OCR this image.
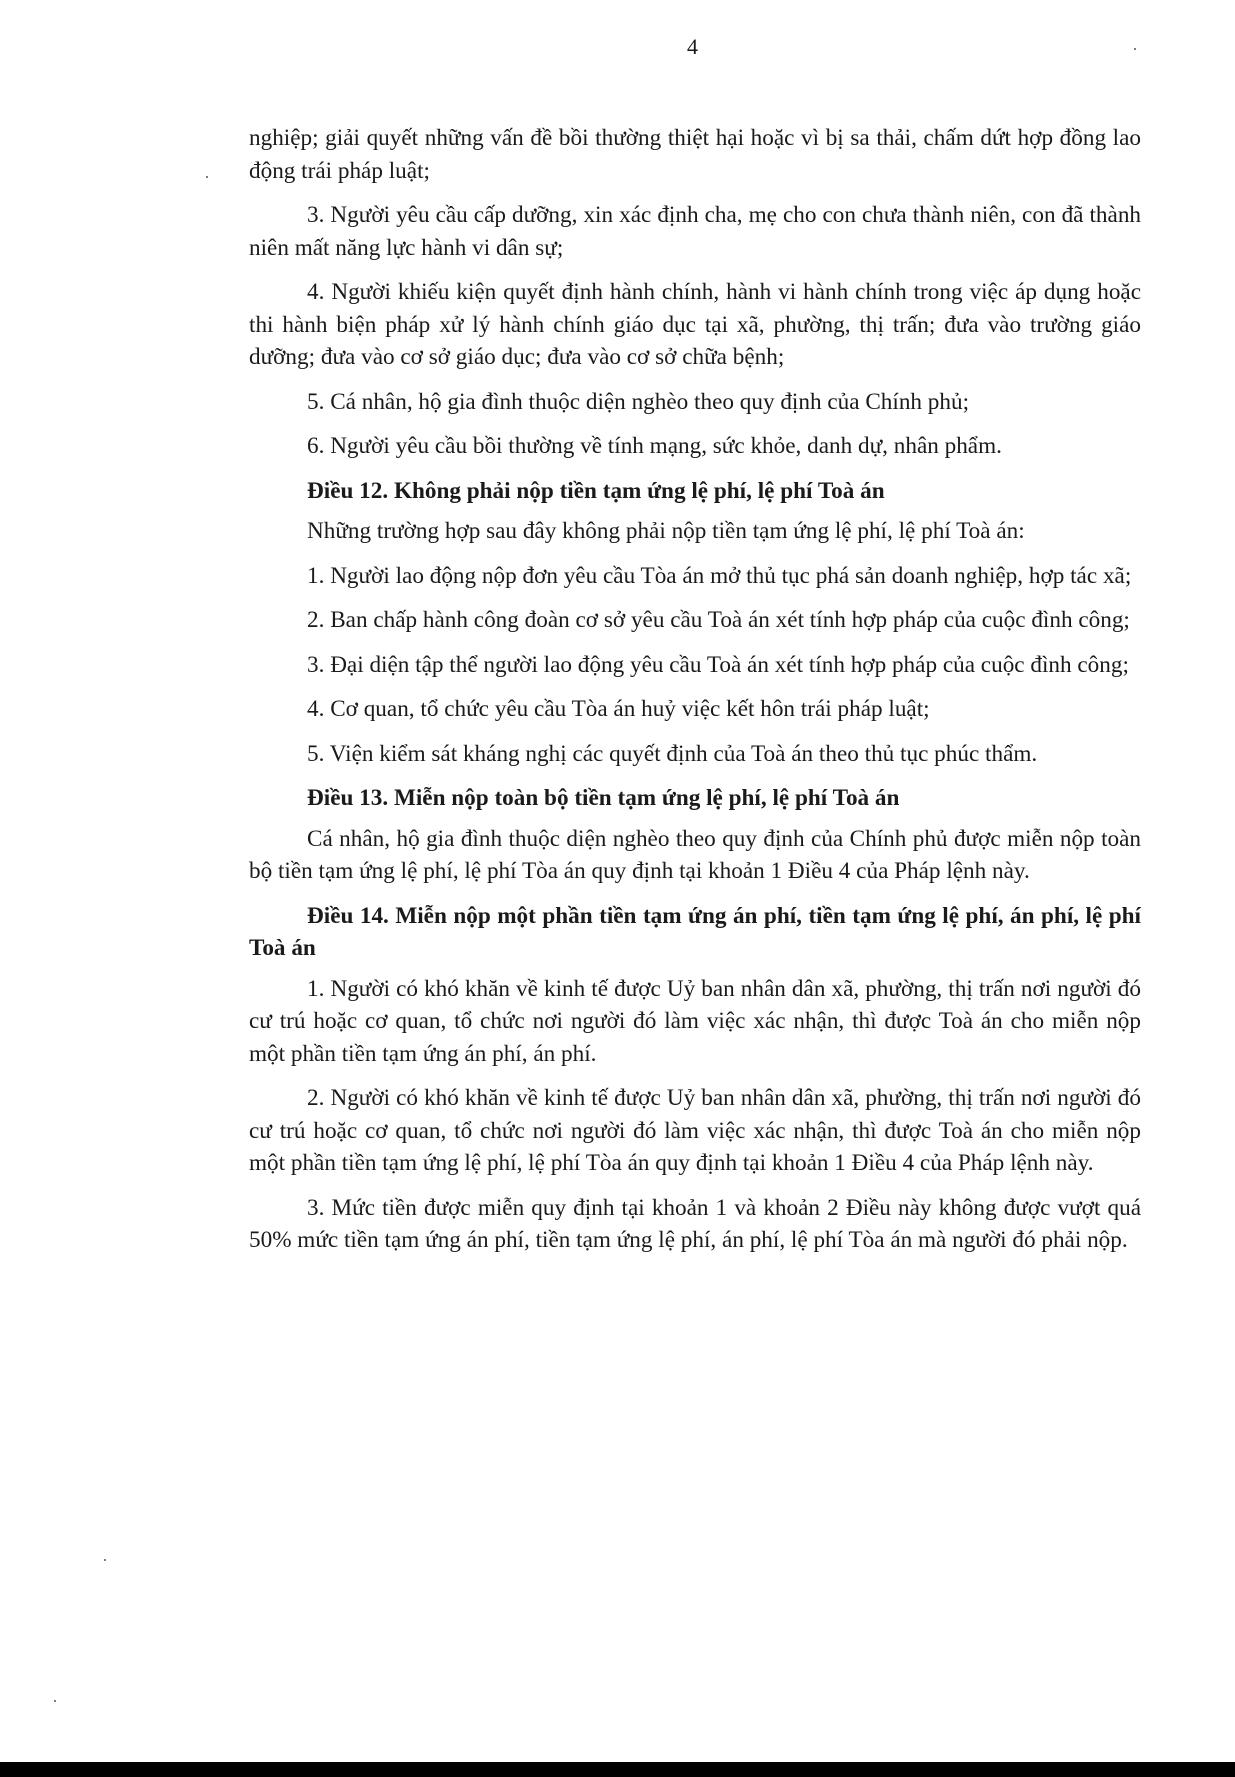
4

nghiệp; giải quyết những vấn đề bồi thường thiệt hại hoặc vì bị sa thải, chấm dứt hợp đồng lao động trái pháp luật;

3. Người yêu cầu cấp dưỡng, xin xác định cha, mẹ cho con chưa thành niên, con đã thành niên mất năng lực hành vi dân sự;

4. Người khiếu kiện quyết định hành chính, hành vi hành chính trong việc áp dụng hoặc thi hành biện pháp xử lý hành chính giáo dục tại xã, phường, thị trấn; đưa vào trường giáo dưỡng; đưa vào cơ sở giáo dục; đưa vào cơ sở chữa bệnh;

5. Cá nhân, hộ gia đình thuộc diện nghèo theo quy định của Chính phủ;

6. Người yêu cầu bồi thường về tính mạng, sức khỏe, danh dự, nhân phẩm.

Điều 12. Không phải nộp tiền tạm ứng lệ phí, lệ phí Toà án

Những trường hợp sau đây không phải nộp tiền tạm ứng lệ phí, lệ phí Toà án:

1. Người lao động nộp đơn yêu cầu Tòa án mở thủ tục phá sản doanh nghiệp, hợp tác xã;

2. Ban chấp hành công đoàn cơ sở yêu cầu Toà án xét tính hợp pháp của cuộc đình công;

3. Đại diện tập thể người lao động yêu cầu Toà án xét tính hợp pháp của cuộc đình công;

4. Cơ quan, tổ chức yêu cầu Tòa án huỷ việc kết hôn trái pháp luật;

5. Viện kiểm sát kháng nghị các quyết định của Toà án theo thủ tục phúc thẩm.

Điều 13. Miễn nộp toàn bộ tiền tạm ứng lệ phí, lệ phí Toà án

Cá nhân, hộ gia đình thuộc diện nghèo theo quy định của Chính phủ được miễn nộp toàn bộ tiền tạm ứng lệ phí, lệ phí Tòa án quy định tại khoản 1 Điều 4 của Pháp lệnh này.

Điều 14. Miễn nộp một phần tiền tạm ứng án phí, tiền tạm ứng lệ phí, án phí, lệ phí Toà án

1. Người có khó khăn về kinh tế được Uỷ ban nhân dân xã, phường, thị trấn nơi người đó cư trú hoặc cơ quan, tổ chức nơi người đó làm việc xác nhận, thì được Toà án cho miễn nộp một phần tiền tạm ứng án phí, án phí.

2. Người có khó khăn về kinh tế được Uỷ ban nhân dân xã, phường, thị trấn nơi người đó cư trú hoặc cơ quan, tổ chức nơi người đó làm việc xác nhận, thì được Toà án cho miễn nộp một phần tiền tạm ứng lệ phí, lệ phí Tòa án quy định tại khoản 1 Điều 4 của Pháp lệnh này.

3. Mức tiền được miễn quy định tại khoản 1 và khoản 2 Điều này không được vượt quá 50% mức tiền tạm ứng án phí, tiền tạm ứng lệ phí, án phí, lệ phí Tòa án mà người đó phải nộp.
